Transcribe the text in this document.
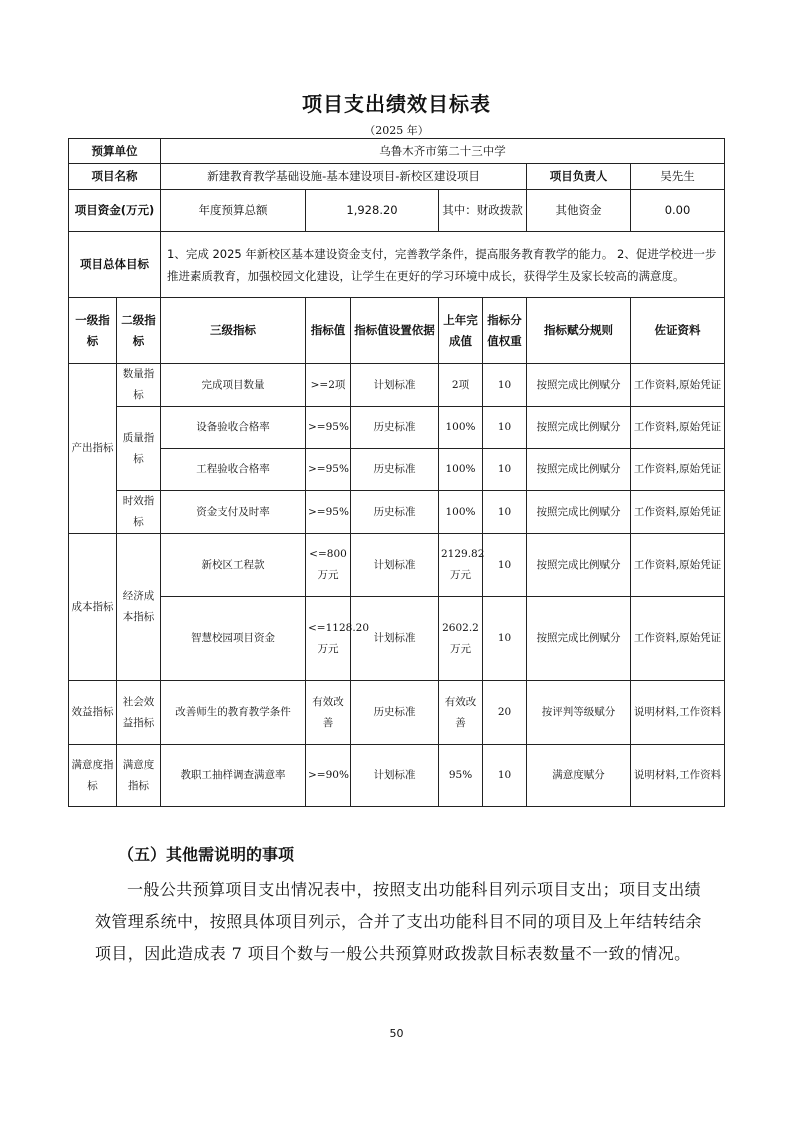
项目支出绩效目标表
（2025 年）
预算单位		乌鲁木齐市第二十三中学						
项目名称		新建教育教学基础设施-基本建设项目-新校区建设项目					项目负责人	吴先生
项目资金(万元)		年度预算总额	1,928.20		其中：财政拨款		其他资金	0.00
项目总体目标		1、完成 2025 年新校区基本建设资金支付，完善教学条件，提高服务教育教学的能力。 2、促进学校进一步推进素质教育，加强校园文化建设，让学生在更好的学习环境中成长，获得学生及家长较高的满意度。						
一级指标	二级指标	三级指标	指标值	指标值设置依据	上年完成值	指标分值权重	指标赋分规则	佐证资料
产出指标	数量指标	完成项目数量	>=2项	计划标准	2项	10	按照完成比例赋分	工作资料,原始凭证
	质量指标	设备验收合格率	>=95%	历史标准	100%	10	按照完成比例赋分	工作资料,原始凭证
		工程验收合格率	>=95%	历史标准	100%	10	按照完成比例赋分	工作资料,原始凭证
	时效指标	资金支付及时率	>=95%	历史标准	100%	10	按照完成比例赋分	工作资料,原始凭证
成本指标	经济成本指标	新校区工程款	<=800万元	计划标准	2129.82万元	10	按照完成比例赋分	工作资料,原始凭证
		智慧校园项目资金	<=1128.20万元	计划标准	2602.2万元	10	按照完成比例赋分	工作资料,原始凭证
效益指标	社会效益指标	改善师生的教育教学条件	有效改善	历史标准	有效改善	20	按评判等级赋分	说明材料,工作资料
满意度指标	满意度指标	教职工抽样调查满意率	>=90%	计划标准	95%	10	满意度赋分	说明材料,工作资料
（五）其他需说明的事项
一般公共预算项目支出情况表中，按照支出功能科目列示项目支出；项目支出绩效管理系统中，按照具体项目列示，合并了支出功能科目不同的项目及上年结转结余项目，因此造成表 7 项目个数与一般公共预算财政拨款目标表数量不一致的情况。
50
